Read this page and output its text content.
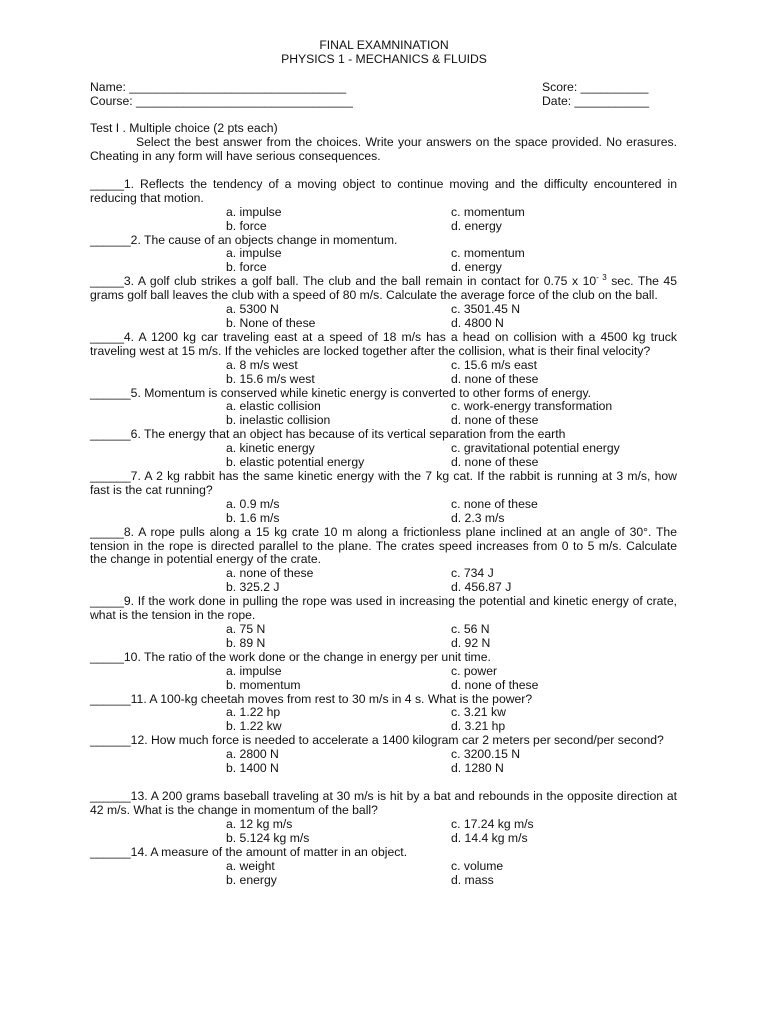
FINAL EXAMNINATION
PHYSICS 1 - MECHANICS & FLUIDS
Name: ________________________________	Score: __________
Course: ________________________________	Date: ___________
Test I . Multiple choice (2 pts each)
Select the best answer from the choices. Write your answers on the space provided. No erasures. Cheating in any form will have serious consequences.
_____1. Reflects the tendency of a moving object to continue moving and the difficulty encountered in reducing that motion.
a. impulse	c. momentum
b. force	d. energy
______2. The cause of an objects change in momentum.
a. impulse	c. momentum
b. force	d. energy
_____3. A golf club strikes a golf ball. The club and the ball remain in contact for 0.75 x $10^{- 3}$ sec. The 45 grams golf ball leaves the club with a speed of 80 m/s. Calculate the average force of the club on the ball.
a. 5300 N	c. 3501.45 N
b. None of these	d. 4800 N
_____4. A 1200 kg car traveling east at a speed of 18 m/s has a head on collision with a 4500 kg truck traveling west at 15 m/s. If the vehicles are locked together after the collision, what is their final velocity?
a. 8 m/s west	c. 15.6 m/s east
b. 15.6 m/s west	d. none of these
______5. Momentum is conserved while kinetic energy is converted to other forms of energy.
a. elastic collision	c. work-energy transformation
b. inelastic collision	d. none of these
______6. The energy that an object has because of its vertical separation from the earth
a. kinetic energy	c. gravitational potential energy
b. elastic potential energy	d. none of these
______7. A 2 kg rabbit has the same kinetic energy with the 7 kg cat. If the rabbit is running at 3 m/s, how fast is the cat running?
a. 0.9 m/s	c. none of these
b. 1.6 m/s	d. 2.3 m/s
_____8. A rope pulls along a 15 kg crate 10 m along a frictionless plane inclined at an angle of 30°. The tension in the rope is directed parallel to the plane. The crates speed increases from 0 to 5 m/s. Calculate the change in potential energy of the crate.
a. none of these	c. 734 J
b. 325.2 J	d. 456.87 J
_____9. If the work done in pulling the rope was used in increasing the potential and kinetic energy of crate, what is the tension in the rope.
a. 75 N	c. 56 N
b. 89 N	d. 92 N
_____10. The ratio of the work done or the change in energy per unit time.
a. impulse	c. power
b. momentum	d. none of these
______11. A 100-kg cheetah moves from rest to 30 m/s in 4 s. What is the power?
a. 1.22 hp	c. 3.21 kw
b. 1.22 kw	d. 3.21 hp
______12. How much force is needed to accelerate a 1400 kilogram car 2 meters per second/per second?
a. 2800 N	c. 3200.15 N
b. 1400 N	d. 1280 N
______13. A 200 grams baseball traveling at 30 m/s is hit by a bat and rebounds in the opposite direction at 42 m/s. What is the change in momentum of the ball?
a. 12 kg m/s	c. 17.24 kg m/s
b. 5.124 kg m/s	d. 14.4 kg m/s
______14. A measure of the amount of matter in an object.
a. weight	c. volume
b. energy	d. mass
